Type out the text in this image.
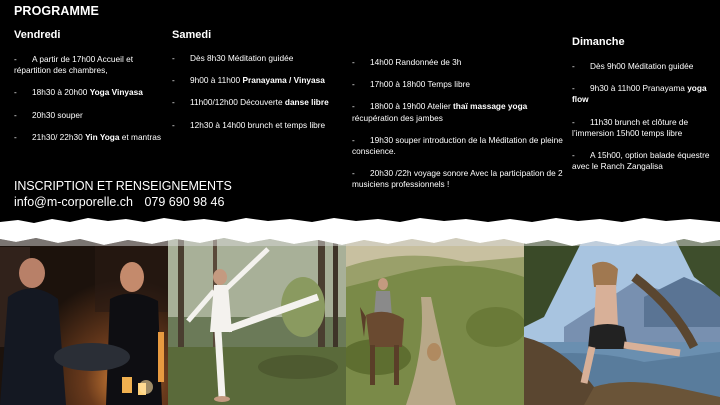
PROGRAMME
Vendredi
- A partir de 17h00 Accueil et répartition des chambres,
- 18h30 à 20h00 Yoga Vinyasa
- 20h30 souper
- 21h30/ 22h30 Yin Yoga et mantras
Samedi
- Dès 8h30 Méditation guidée
- 9h00 à 11h00 Pranayama / Vinyasa
- 11h00/12h00 Découverte danse libre
- 12h30 à 14h00 brunch et temps libre
- 14h00 Randonnée de 3h
- 17h00 à 18h00 Temps libre
- 18h00 à 19h00 Atelier thaï massage yoga récupération des jambes
- 19h30 souper introduction de la Méditation de pleine conscience.
- 20h30 /22h voyage sonore Avec la participation de 2 musiciens professionnels !
Dimanche
- Dès 9h00 Méditation guidée
- 9h30 à 11h00 Pranayama yoga flow
- 11h30 brunch et clôture de l’immersion 15h00 temps libre
- A 15h00, option balade équestre avec le Ranch Zangalisa
INSCRIPTION ET RENSEIGNEMENTS
info@m-corporelle.ch 079 690 98 46
